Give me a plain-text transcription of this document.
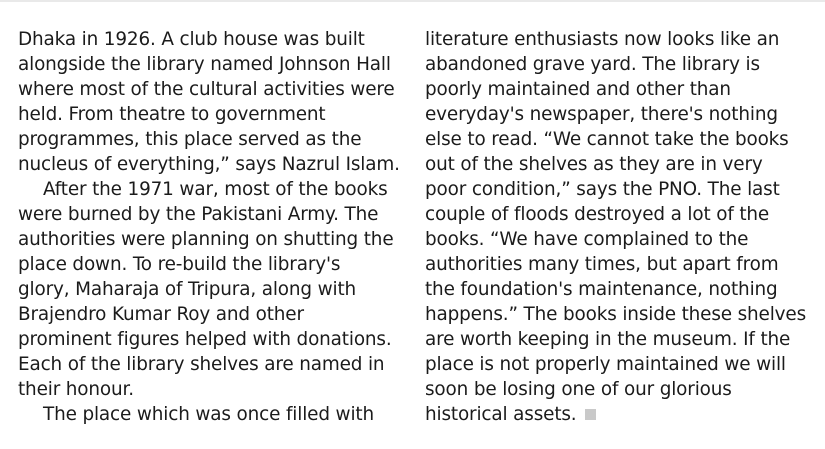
Dhaka in 1926. A club house was built
alongside the library named Johnson Hall
where most of the cultural activities were
held. From theatre to government
programmes, this place served as the
nucleus of everything,” says Nazrul Islam.
After the 1971 war, most of the books
were burned by the Pakistani Army. The
authorities were planning on shutting the
place down. To re-build the library's
glory, Maharaja of Tripura, along with
Brajendro Kumar Roy and other
prominent figures helped with donations.
Each of the library shelves are named in
their honour.
The place which was once filled with
literature enthusiasts now looks like an
abandoned grave yard. The library is
poorly maintained and other than
everyday's newspaper, there's nothing
else to read. “We cannot take the books
out of the shelves as they are in very
poor condition,” says the PNO. The last
couple of floods destroyed a lot of the
books. “We have complained to the
authorities many times, but apart from
the foundation's maintenance, nothing
happens.” The books inside these shelves
are worth keeping in the museum. If the
place is not properly maintained we will
soon be losing one of our glorious
historical assets.
